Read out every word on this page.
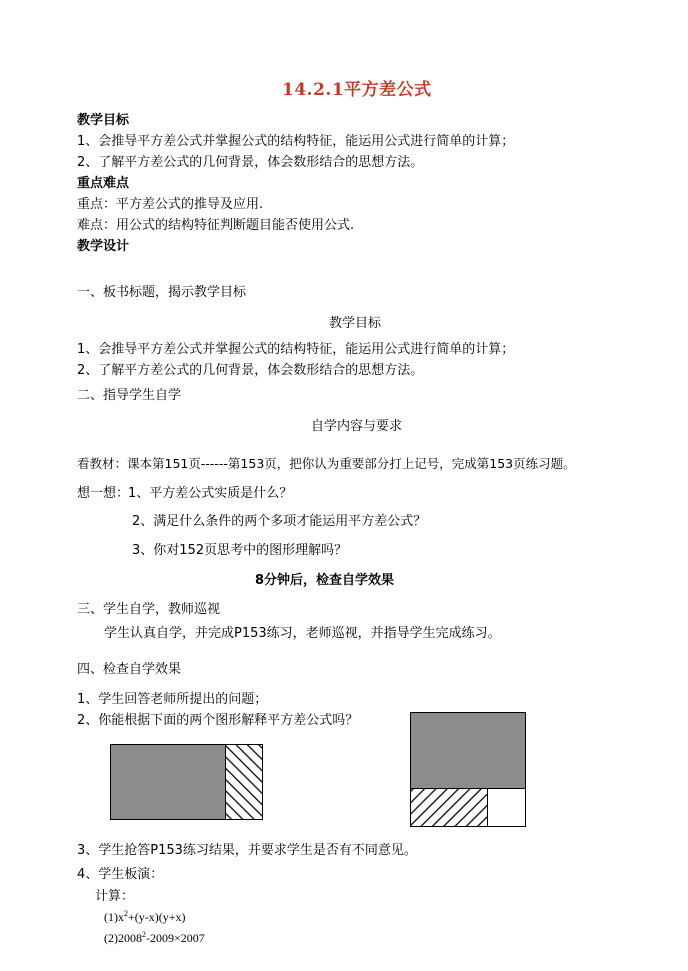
14.2.1平方差公式
教学目标
1、会推导平方差公式并掌握公式的结构特征，能运用公式进行简单的计算；
2、了解平方差公式的几何背景，体会数形结合的思想方法。
重点难点
重点：平方差公式的推导及应用.
难点：用公式的结构特征判断题目能否使用公式.
教学设计
一、板书标题，揭示教学目标
教学目标
1、会推导平方差公式并掌握公式的结构特征，能运用公式进行简单的计算；
2、了解平方差公式的几何背景，体会数形结合的思想方法。
二、指导学生自学
自学内容与要求
看教材：课本第151页------第153页，把你认为重要部分打上记号，完成第153页练习题。
想一想：
1、平方差公式实质是什么？
2、满足什么条件的两个多项才能运用平方差公式？
3、你对152页思考中的图形理解吗？
8分钟后，检查自学效果
三、学生自学，教师巡视
学生认真自学，并完成P153练习，老师巡视，并指导学生完成练习。
四、检查自学效果
1、学生回答老师所提出的问题；
2、你能根据下面的两个图形解释平方差公式吗？
3、学生抢答P153练习结果，并要求学生是否有不同意见。
4、学生板演：
计算：
$(1)x^2+(y-x)(y+x)$
$(2)2008^2-2009\times 2007$
